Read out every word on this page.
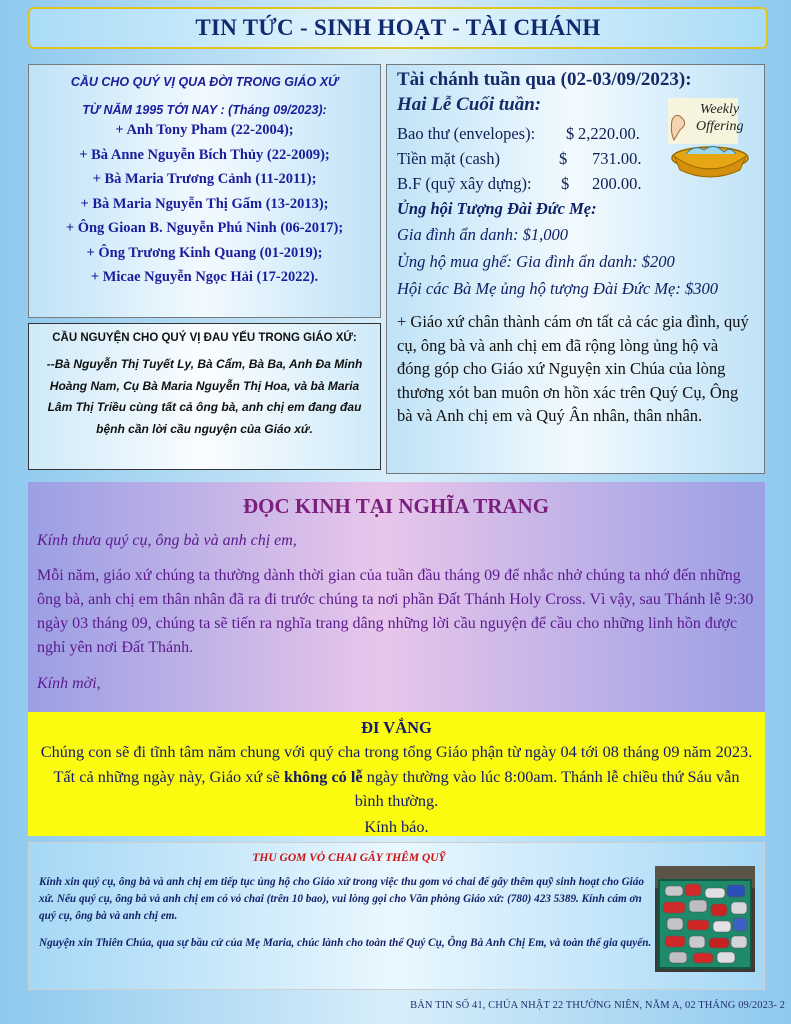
TIN TỨC - SINH HOẠT - TÀI CHÁNH
CẦU CHO QUÝ VỊ QUA ĐỜI TRONG GIÁO XỨ
TỪ NĂM 1995 TỚI NAY : (Tháng 09/2023):
+ Anh Tony Pham (22-2004);
+ Bà Anne Nguyễn Bích Thủy (22-2009);
+ Bà Maria Trương Cảnh (11-2011);
+ Bà Maria Nguyễn Thị Gấm (13-2013);
+ Ông Gioan B. Nguyễn Phú Ninh (06-2017);
+ Ông Trương Kinh Quang (01-2019);
+ Micae Nguyễn Ngọc Hải (17-2022).
CẦU NGUYỆN CHO QUÝ VỊ ĐAU YẾU TRONG GIÁO XỨ:
--Bà Nguyễn Thị Tuyết Ly, Bà Cẩm, Bà Ba, Anh Đa Minh Hoàng Nam, Cụ Bà Maria Nguyễn Thị Hoa, và bà Maria Lâm Thị Triều cùng tất cả ông bà, anh chị em đang đau bệnh cần lời cầu nguyện của Giáo xứ.
Tài chánh tuần qua (02-03/09/2023):
Hai Lễ Cuối tuần:
Bao thư (envelopes): $ 2,220.00.
Tiền mặt (cash)	$ 731.00.
B.F (quỹ xây dựng): $ 200.00.
Ủng hội Tượng Đài Đức Mẹ:
Gia đình ẩn danh: $1,000
Ủng hộ mua ghế: Gia đình ẩn danh: $200
Hội các Bà Mẹ ủng hộ tượng Đài Đức Mẹ: $300
+ Giáo xứ chân thành cám ơn tất cả các gia đình, quý cụ, ông bà và anh chị em đã rộng lòng ủng hộ và đóng góp cho Giáo xứ Nguyện xin Chúa của lòng thương xót ban muôn ơn hồn xác trên Quý Cụ, Ông bà và Anh chị em và Quý Ân nhân, thân nhân.
Weekly
Offering
ĐỌC KINH TẠI NGHĨA TRANG

Kính thưa quý cụ, ông bà và anh chị em,

Mỗi năm, giáo xứ chúng ta thường dành thời gian của tuần đầu tháng 09 để nhắc nhở chúng ta nhớ đến những ông bà, anh chị em thân nhân đã ra đi trước chúng ta nơi phần Đất Thánh Holy Cross. Vì vậy, sau Thánh lễ 9:30 ngày 03 tháng 09, chúng ta sẽ tiến ra nghĩa trang dâng những lời cầu nguyện để cầu cho những linh hồn được nghỉ yên nơi Đất Thánh.

Kính mời,

ĐI VẮNG
Chúng con sẽ đi tĩnh tâm năm chung với quý cha trong tổng Giáo phận từ ngày 04 tới 08 tháng 09 năm 2023. Tất cả những ngày này, Giáo xứ sẽ không có lễ ngày thường vào lúc 8:00am. Thánh lễ chiều thứ Sáu vẫn bình thường.
Kính báo.
THU GOM VỎ CHAI GÂY THÊM QUỸ
Kính xin quý cụ, ông bà và anh chị em tiếp tục ủng hộ cho Giáo xứ trong việc thu gom vỏ chai để gây thêm quỹ sinh hoạt cho Giáo xứ. Nếu quý cụ, ông bà và anh chị em có vỏ chai (trên 10 bao), vui lòng gọi cho Văn phòng Giáo xứ: (780) 423 5389. Kính cám ơn quý cụ, ông bà và anh chị em.
Nguyện xin Thiên Chúa, qua sự bầu cử của Mẹ Maria, chúc lành cho toàn thể Quý Cụ, Ông Bà Anh Chị Em, và toàn thể gia quyến.
BẢN TIN SỐ 41, CHÚA NHẬT 22 THƯỜNG NIÊN, NĂM A, 02 THÁNG 09/2023- 2
